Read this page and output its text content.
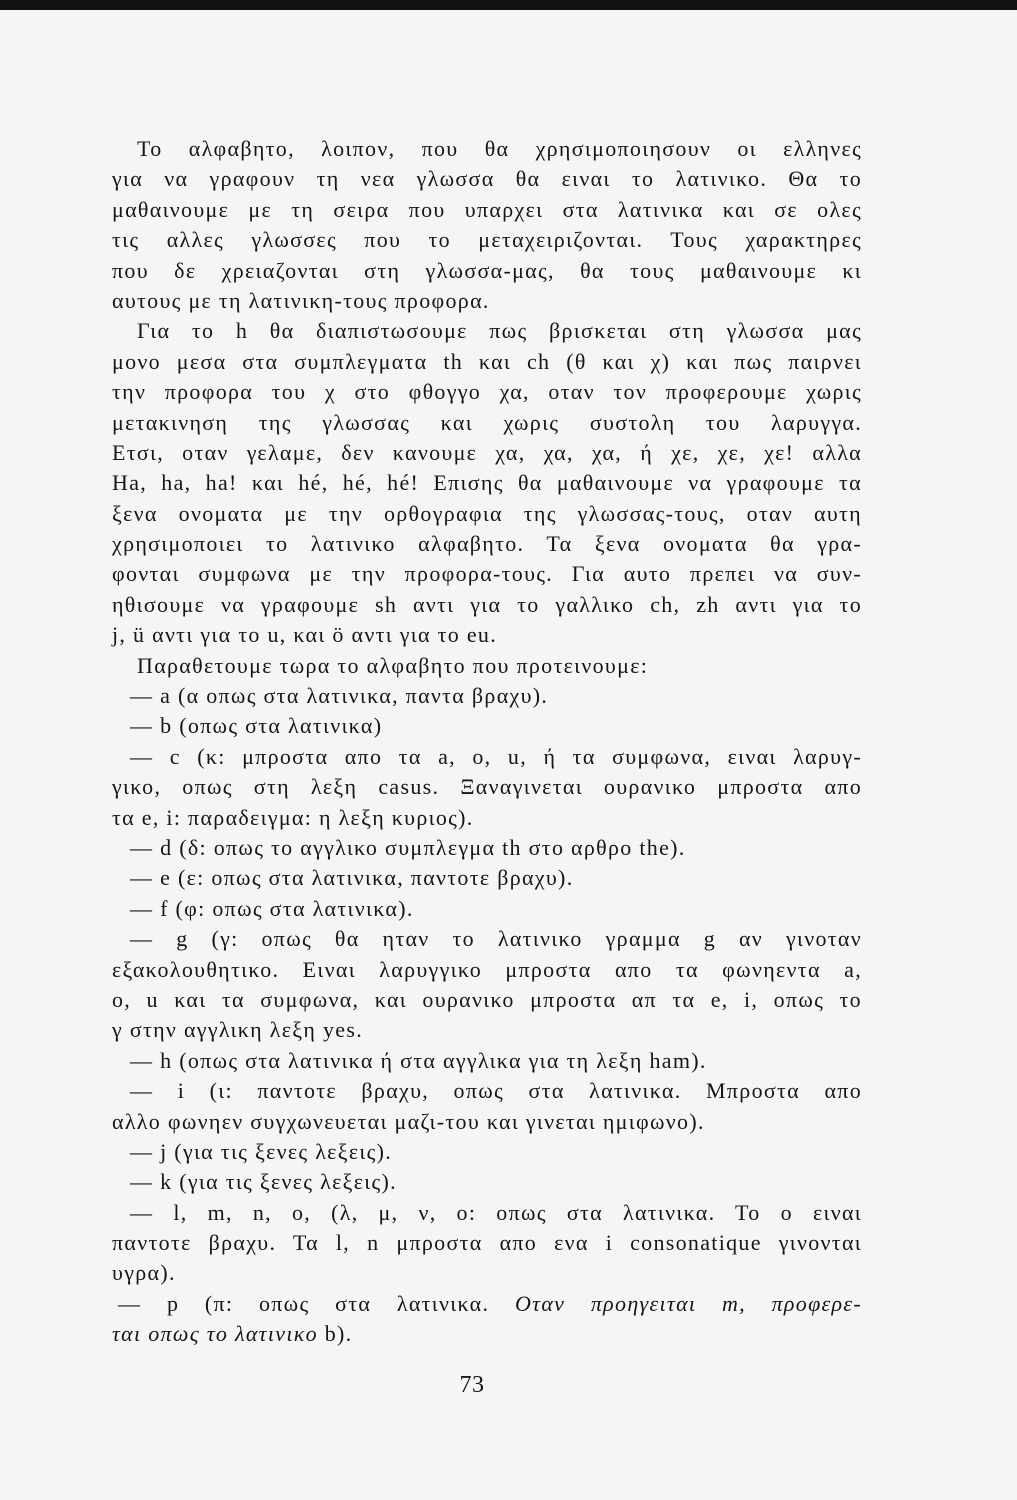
Το αλφαβητο, λοιπον, που θα χρησιμοποιησουν οι ελληνες
για να γραφουν τη νεα γλωσσα θα ειναι το λατινικο. Θα το
μαθαινουμε με τη σειρα που υπαρχει στα λατινικα και σε ολες
τις αλλες γλωσσες που το μεταχειριζονται. Τους χαρακτηρες
που δε χρειαζονται στη γλωσσα-μας, θα τους μαθαινουμε κι
αυτους με τη λατινικη-τους προφορα.
Για το h θα διαπιστωσουμε πως βρισκεται στη γλωσσα μας
μονο μεσα στα συμπλεγματα th και ch (θ και χ) και πως παιρνει
την προφορα του χ στο φθογγο χα, οταν τον προφερουμε χωρις
μετακινηση της γλωσσας και χωρις συστολη του λαρυγγα.
Ετσι, οταν γελαμε, δεν κανουμε χα, χα, χα, ή χε, χε, χε! αλλα
Ha, ha, ha! και hé, hé, hé! Επισης θα μαθαινουμε να γραφουμε τα
ξενα ονοματα με την ορθογραφια της γλωσσας-τους, οταν αυτη
χρησιμοποιει το λατινικο αλφαβητο. Τα ξενα ονοματα θα γρα-
φονται συμφωνα με την προφορα-τους. Για αυτο πρεπει να συν-
ηθισουμε να γραφουμε sh αντι για το γαλλικο ch, zh αντι για το
j, ü αντι για το u, και ö αντι για το eu.
Παραθετουμε τωρα το αλφαβητο που προτεινουμε:
— a (α οπως στα λατινικα, παντα βραχυ).
— b (οπως στα λατινικα)
— c (κ: μπροστα απο τα a, o, u, ή τα συμφωνα, ειναι λαρυγ-
γικο, οπως στη λεξη casus. Ξαναγινεται ουρανικο μπροστα απο
τα e, i: παραδειγμα: η λεξη κυριος).
— d (δ: οπως το αγγλικο συμπλεγμα th στο αρθρο the).
— e (ε: οπως στα λατινικα, παντοτε βραχυ).
— f (φ: οπως στα λατινικα).
— g (γ: οπως θα ηταν το λατινικο γραμμα g αν γινοταν
εξακολουθητικο. Ειναι λαρυγγικο μπροστα απο τα φωνηεντα a,
o, u και τα συμφωνα, και ουρανικο μπροστα απ τα e, i, οπως το
γ στην αγγλικη λεξη yes.
— h (οπως στα λατινικα ή στα αγγλικα για τη λεξη ham).
— i (ι: παντοτε βραχυ, οπως στα λατινικα. Μπροστα απο
αλλο φωνηεν συγχωνευεται μαζι-του και γινεται ημιφωνο).
— j (για τις ξενες λεξεις).
— k (για τις ξενες λεξεις).
— l, m, n, o, (λ, μ, ν, ο: οπως στα λατινικα. Το ο ειναι
παντοτε βραχυ. Τα l, n μπροστα απο ενα i consonatique γινονται
υγρα).
— p (π: οπως στα λατινικα. Οταν προηγειται m, προφερε-
ται οπως το λατινικο b).
73
